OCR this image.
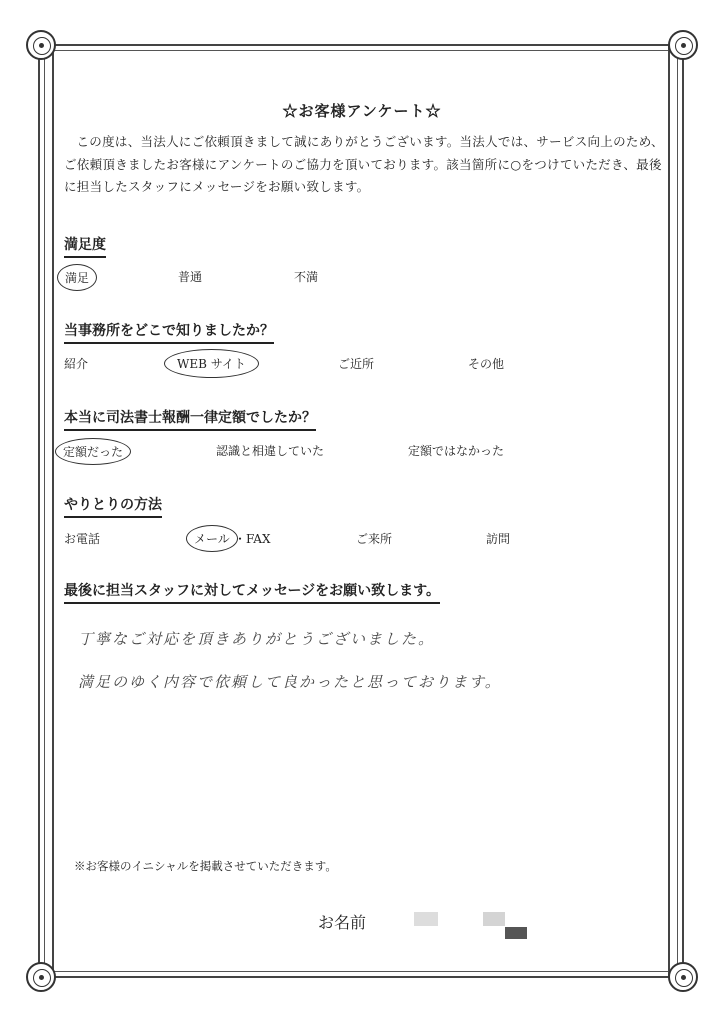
☆お客様アンケート☆
この度は、当法人にご依頼頂きまして誠にありがとうございます。当法人では、サービス向上のため、ご依頼頂きましたお客様にアンケートのご協力を頂いております。該当箇所に○をつけていただき、最後に担当したスタッフにメッセージをお願い致します。
満足度
満足	普通	不満
当事務所をどこで知りましたか？
紹介	WEB サイト	ご近所	その他
本当に司法書士報酬一律定額でしたか？
定額だった	認識と相違していた	定額ではなかった
やりとりの方法
お電話	メール ・FAX	ご来所	訪問
最後に担当スタッフに対してメッセージをお願い致します。
丁寧なご対応を頂きありがとうございました。
満足のゆく内容で依頼して良かったと思っております。
※お客様のイニシャルを掲載させていただきます。
お名前
